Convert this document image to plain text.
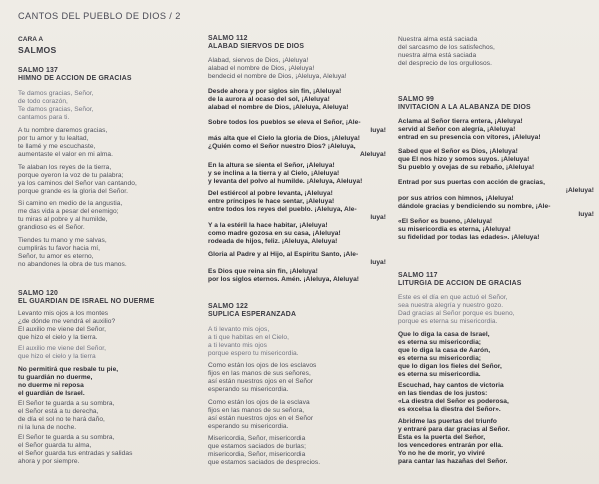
CANTOS DEL PUEBLO DE DIOS / 2
CARA A
SALMOS
SALMO 137
HIMNO DE ACCION DE GRACIAS
Te damos gracias, Señor,
de todo corazón,
Te damos gracias, Señor,
cantamos para ti.
A tu nombre daremos gracias,
por tu amor y tu lealtad,
te llamé y me escuchaste,
aumentaste el valor en mi alma.
Te alaban los reyes de la tierra,
porque oyeron la voz de tu palabra;
ya los caminos del Señor van cantando,
porque grande es la gloria del Señor.
Si camino en medio de la angustia,
me das vida a pesar del enemigo;
tu miras al pobre y al humilde,
grandioso es el Señor.
Tiendes tu mano y me salvas,
cumplirás tu favor hacia mí,
Señor, tu amor es eterno,
no abandones la obra de tus manos.
SALMO 120
EL GUARDIAN DE ISRAEL NO DUERME
Levanto mis ojos a los montes
¿de dónde me vendrá el auxilio?
El auxilio me viene del Señor,
que hizo el cielo y la tierra.
El auxilio me viene del Señor,
que hizo el cielo y la tierra
No permitirá que resbale tu pie,
tu guardián no duerme,
no duerme ni reposa
el guardián de Israel.
El Señor te guarda a su sombra,
el Señor está a tu derecha,
de día el sol no te hará daño,
ni la luna de noche.
El Señor te guarda a su sombra,
el Señor guarda tu alma,
el Señor guarda tus entradas y salidas
ahora y por siempre.
SALMO 112
ALABAD SIERVOS DE DIOS
Alabad, siervos de Dios, ¡Aleluya!
alabad el nombre de Dios, ¡Aleluya!
bendecid el nombre de Dios, ¡Aleluya, Aleluya!
Desde ahora y por siglos sin fin, ¡Aleluya!
de la aurora al ocaso del sol, ¡Aleluya!
alabad el nombre de Dios, ¡Aleluya, Aleluya!
Sobre todos los pueblos se eleva el Señor, ¡Ale-
luya!
más alta que el Cielo la gloria de Dios, ¡Aleluya!
¿Quién como el Señor nuestro Dios? ¡Aleluya,
Aleluya!
En la altura se sienta el Señor, ¡Aleluya!
y se inclina a la tierra y al Cielo, ¡Aleluya!
y levanta del polvo al humilde. ¡Aleluya, Aleluya!
Del estiércol al pobre levanta, ¡Aleluya!
entre príncipes le hace sentar, ¡Aleluya!
entre todos los reyes del pueblo. ¡Aleluya, Ale-
luya!
Y a la estéril la hace habitar, ¡Aleluya!
como madre gozosa en su casa, ¡Aleluya!
rodeada de hijos, feliz. ¡Aleluya, Aleluya!
Gloria al Padre y al Hijo, al Espíritu Santo, ¡Ale-
luya!
Es Dios que reina sin fin, ¡Aleluya!
por los siglos eternos. Amén. ¡Aleluya, Aleluya!
SALMO 122
SUPLICA ESPERANZADA
A ti levanto mis ojos,
a ti que habitas en el Cielo,
a ti levanto mis ojos
porque espero tu misericordia.
Como están los ojos de los esclavos
fijos en las manos de sus señores,
así están nuestros ojos en el Señor
esperando su misericordia.
Como están los ojos de la esclava
fijos en las manos de su señora,
así están nuestros ojos en el Señor
esperando su misericordia.
Misericordia, Señor, misericordia
que estamos saciados de burlas;
misericordia, Señor, misericordia
que estamos saciados de desprecios.
Nuestra alma está saciada
del sarcasmo de los satisfechos,
nuestra alma está saciada
del desprecio de los orgullosos.
SALMO 99
INVITACION A LA ALABANZA DE DIOS
Aclama al Señor tierra entera, ¡Aleluya!
servid al Señor con alegría, ¡Aleluya!
entrad en su presencia con vítores, ¡Aleluya!
Sabed que el Señor es Dios, ¡Aleluya!
que El nos hizo y somos suyos. ¡Aleluya!
Su pueblo y ovejas de su rebaño, ¡Aleluya!
Entrad por sus puertas con acción de gracias,
¡Aleluya!
por sus atrios con himnos, ¡Aleluya!
dándole gracias y bendiciendo su nombre, ¡Ale-
luya!
«El Señor es bueno, ¡Aleluya!
su misericordia es eterna, ¡Aleluya!
su fidelidad por todas las edades». ¡Aleluya!
SALMO 117
LITURGIA DE ACCION DE GRACIAS
Este es el día en que actuó el Señor,
sea nuestra alegría y nuestro gozo.
Dad gracias al Señor porque es bueno,
porque es eterna su misericordia.
Que lo diga la casa de Israel,
es eterna su misericordia;
que lo diga la casa de Aarón,
es eterna su misericordia;
que lo digan los fieles del Señor,
es eterna su misericordia.
Escuchad, hay cantos de victoria
en las tiendas de los justos:
«La diestra del Señor es poderosa,
es excelsa la diestra del Señor».
Abridme las puertas del triunfo
y entraré para dar gracias al Señor.
Esta es la puerta del Señor,
los vencedores entrarán por ella.
Yo no he de morir, yo viviré
para cantar las hazañas del Señor.
